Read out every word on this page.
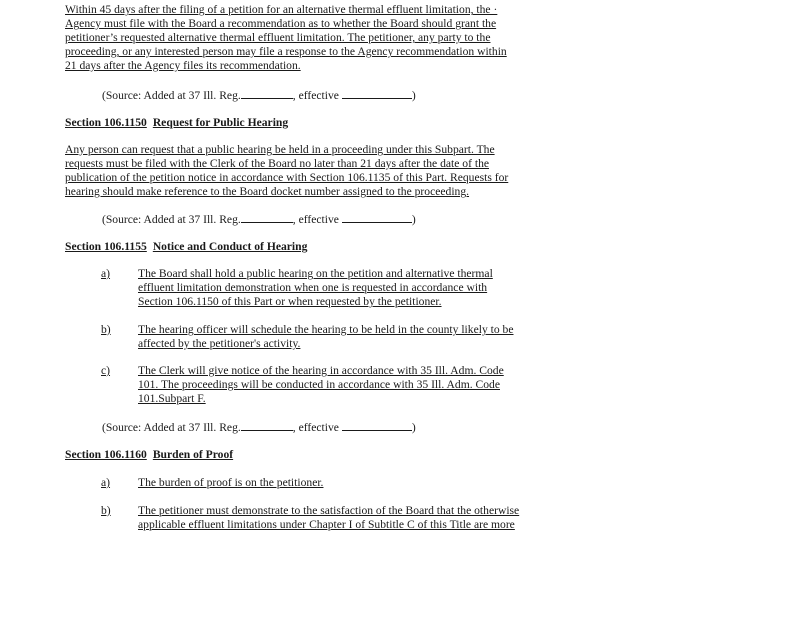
Within 45 days after the filing of a petition for an alternative thermal effluent limitation, the ·
Agency must file with the Board a recommendation as to whether the Board should grant the
petitioner’s requested alternative thermal effluent limitation. The petitioner, any party to the
proceeding, or any interested person may file a response to the Agency recommendation within
21 days after the Agency files its recommendation.
(Source: Added at 37 Ill. Reg.	, effective	)
Section 106.1150 Request for Public Hearing
Any person can request that a public hearing be held in a proceeding under this Subpart. The
requests must be filed with the Clerk of the Board no later than 21 days after the date of the
publication of the petition notice in accordance with Section 106.1135 of this Part. Requests for
hearing should make reference to the Board docket number assigned to the proceeding.
(Source: Added at 37 Ill. Reg.	, effective	)
Section 106.1155 Notice and Conduct of Hearing
a) The Board shall hold a public hearing on the petition and alternative thermal
effluent limitation demonstration when one is requested in accordance with
Section 106.1150 of this Part or when requested by the petitioner.
b) The hearing officer will schedule the hearing to be held in the county likely to be
affected by the petitioner's activity.
c) The Clerk will give notice of the hearing in accordance with 35 Ill. Adm. Code
101. The proceedings will be conducted in accordance with 35 Ill. Adm. Code
101.Subpart F.
(Source: Added at 37 Ill. Reg.	, effective	)
Section 106.1160 Burden of Proof
a) The burden of proof is on the petitioner.
b) The petitioner must demonstrate to the satisfaction of the Board that the otherwise
applicable effluent limitations under Chapter I of Subtitle C of this Title are more
